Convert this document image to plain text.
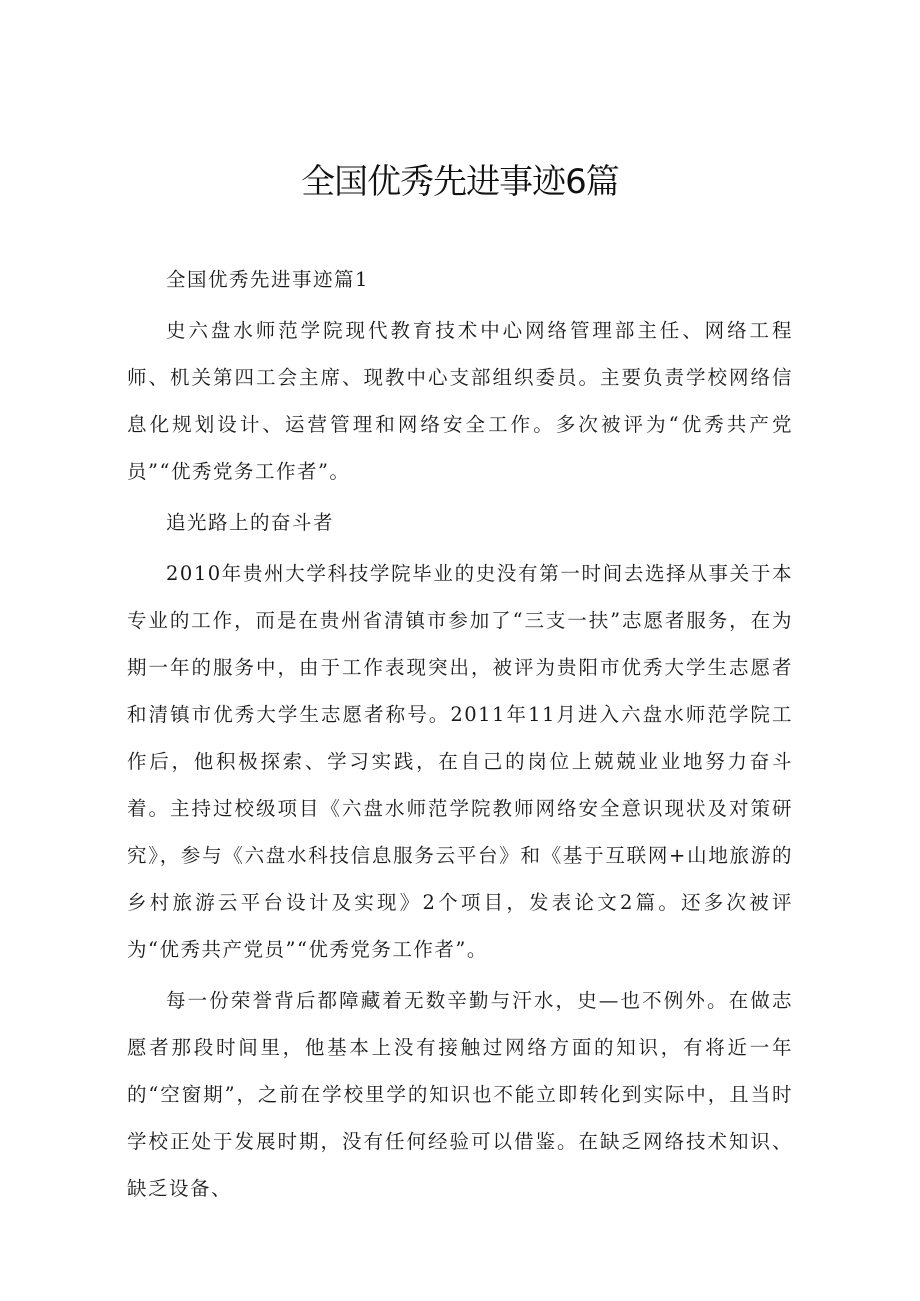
全国优秀先进事迹6篇

全国优秀先进事迹篇1

史六盘水师范学院现代教育技术中心网络管理部主任、网络工程师、机关第四工会主席、现教中心支部组织委员。主要负责学校网络信息化规划设计、运营管理和网络安全工作。多次被评为“优秀共产党员”“优秀党务工作者”。

追光路上的奋斗者

2010年贵州大学科技学院毕业的史没有第一时间去选择从事关于本专业的工作，而是在贵州省清镇市参加了“三支一扶”志愿者服务，在为期一年的服务中，由于工作表现突出，被评为贵阳市优秀大学生志愿者和清镇市优秀大学生志愿者称号。2011年11月进入六盘水师范学院工作后，他积极探索、学习实践，在自己的岗位上兢兢业业地努力奋斗着。主持过校级项目《六盘水师范学院教师网络安全意识现状及对策研究》，参与《六盘水科技信息服务云平台》和《基于互联网+山地旅游的乡村旅游云平台设计及实现》2个项目，发表论文2篇。还多次被评为“优秀共产党员”“优秀党务工作者”。

每一份荣誉背后都障藏着无数辛勤与汗水，史—也不例外。在做志愿者那段时间里，他基本上没有接触过网络方面的知识，有将近一年的“空窗期”，之前在学校里学的知识也不能立即转化到实际中，且当时学校正处于发展时期，没有任何经验可以借鉴。在缺乏网络技术知识、缺乏设备、
